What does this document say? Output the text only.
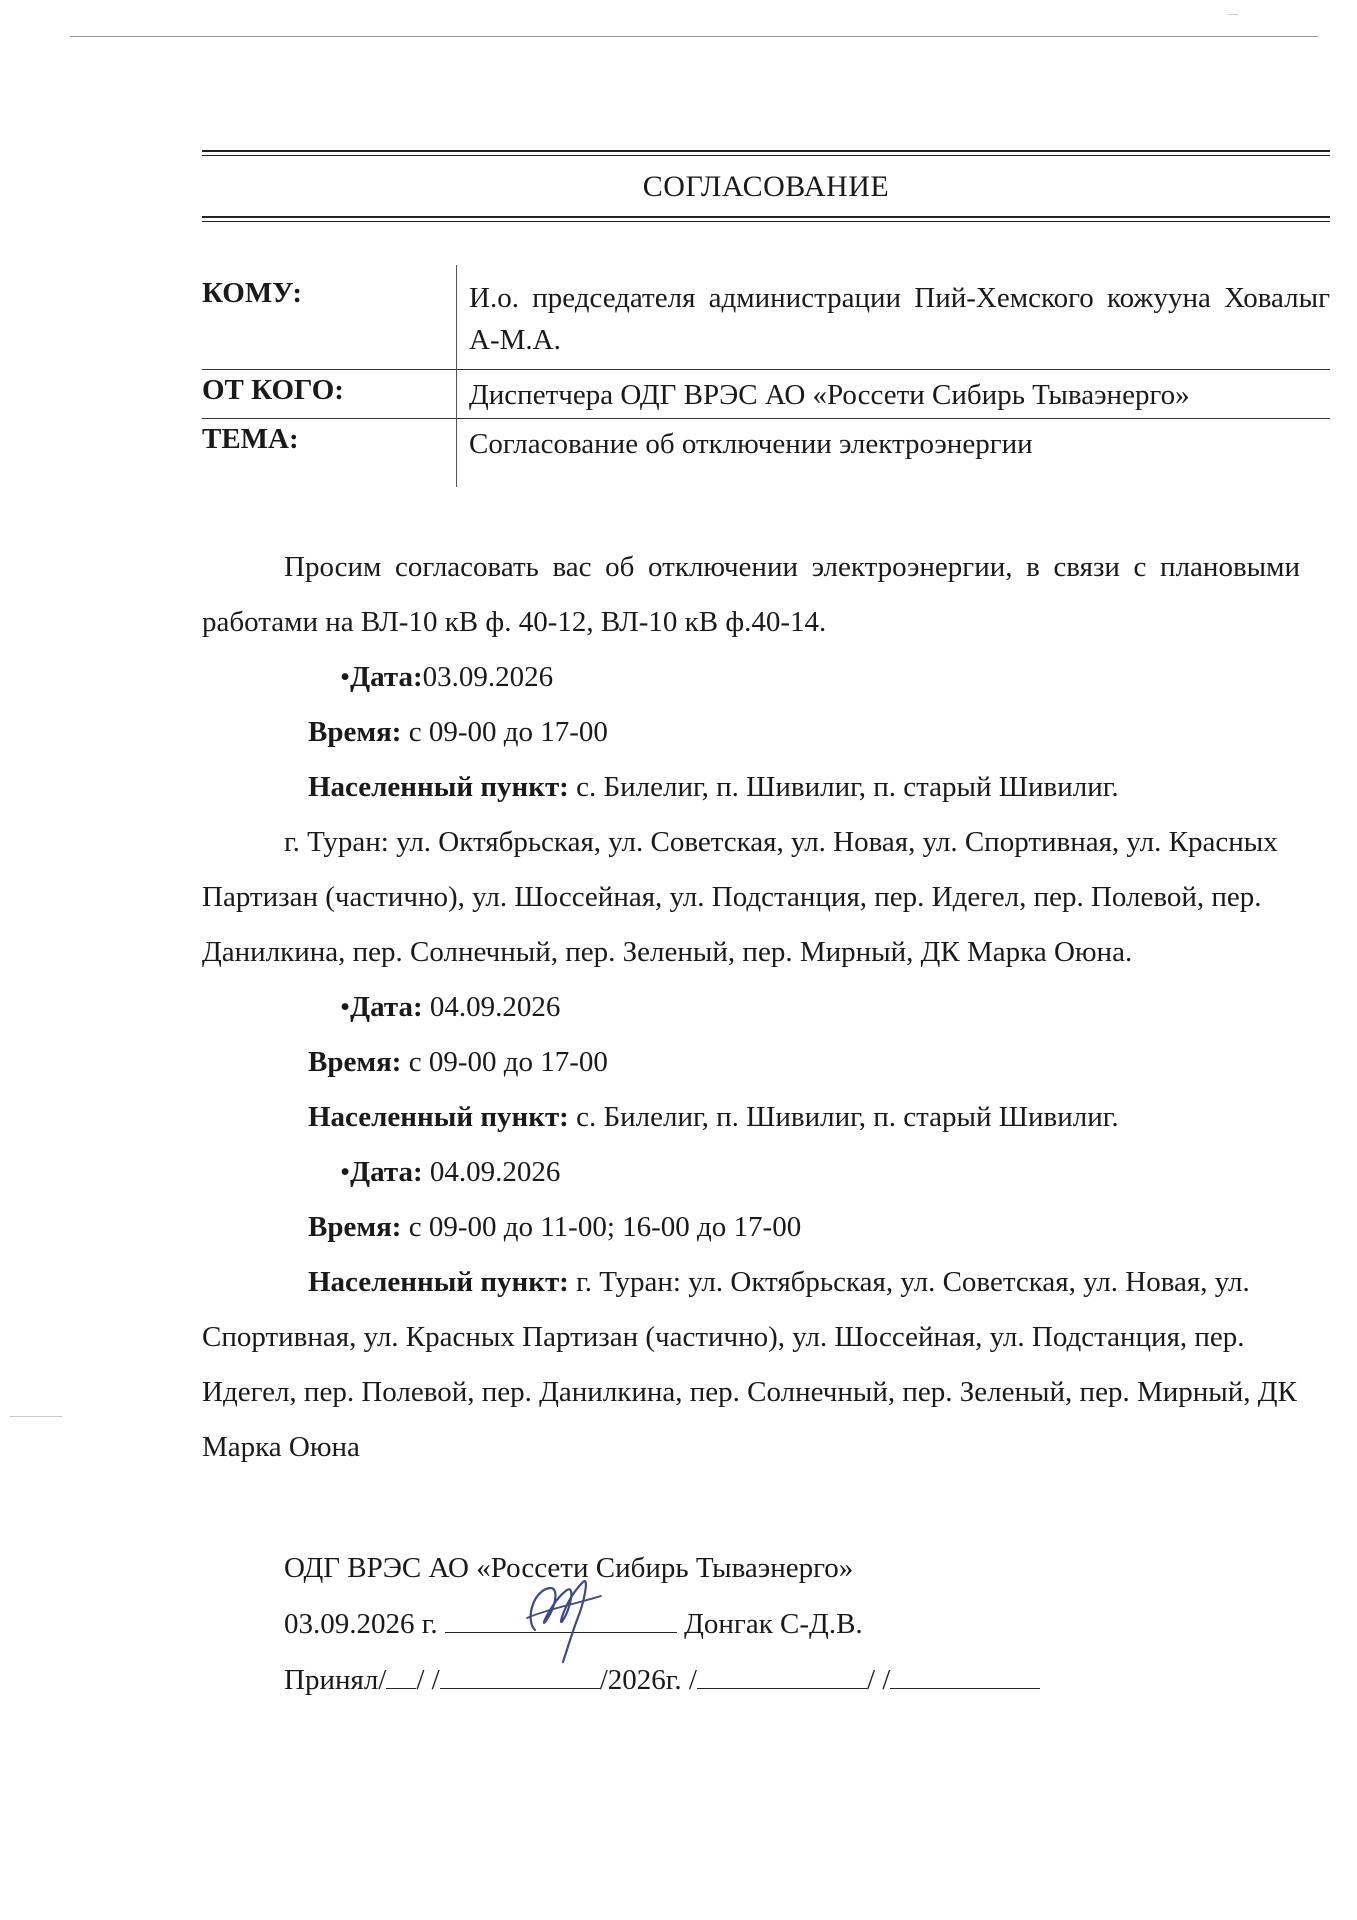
СОГЛАСОВАНИЕ
КОМУ:	И.о. председателя администрации Пий-Хемского кожууна Ховалыг А-М.А.
ОТ КОГО:	Диспетчера ОДГ ВРЭС АО «Россети Сибирь Тываэнерго»
ТЕМА:	Согласование об отключении электроэнергии

Просим согласовать вас об отключении электроэнергии, в связи с плановыми работами на ВЛ-10 кВ ф. 40-12, ВЛ-10 кВ ф.40-14.

•Дата:03.09.2026

Время: с 09-00 до 17-00

Населенный пункт: с. Билелиг, п. Шивилиг, п. старый Шивилиг.

г. Туран: ул. Октябрьская, ул. Советская, ул. Новая, ул. Спортивная, ул. Красных Партизан (частично), ул. Шоссейная, ул. Подстанция, пер. Идегел, пер. Полевой, пер. Данилкина, пер. Солнечный, пер. Зеленый, пер. Мирный, ДК Марка Оюна.

•Дата: 04.09.2026

Время: с 09-00 до 17-00

Населенный пункт: с. Билелиг, п. Шивилиг, п. старый Шивилиг.

•Дата: 04.09.2026

Время: с 09-00 до 11-00; 16-00 до 17-00

Населенный пункт: г. Туран: ул. Октябрьская, ул. Советская, ул. Новая, ул. Спортивная, ул. Красных Партизан (частично), ул. Шоссейная, ул. Подстанция, пер. Идегел, пер. Полевой, пер. Данилкина, пер. Солнечный, пер. Зеленый, пер. Мирный, ДК Марка Оюна

ОДГ ВРЭС АО «Россети Сибирь Тываэнерго»

03.09.2026 г.	Донгак С-Д.В.

Принял/ / /	/2026г. /	/ /
